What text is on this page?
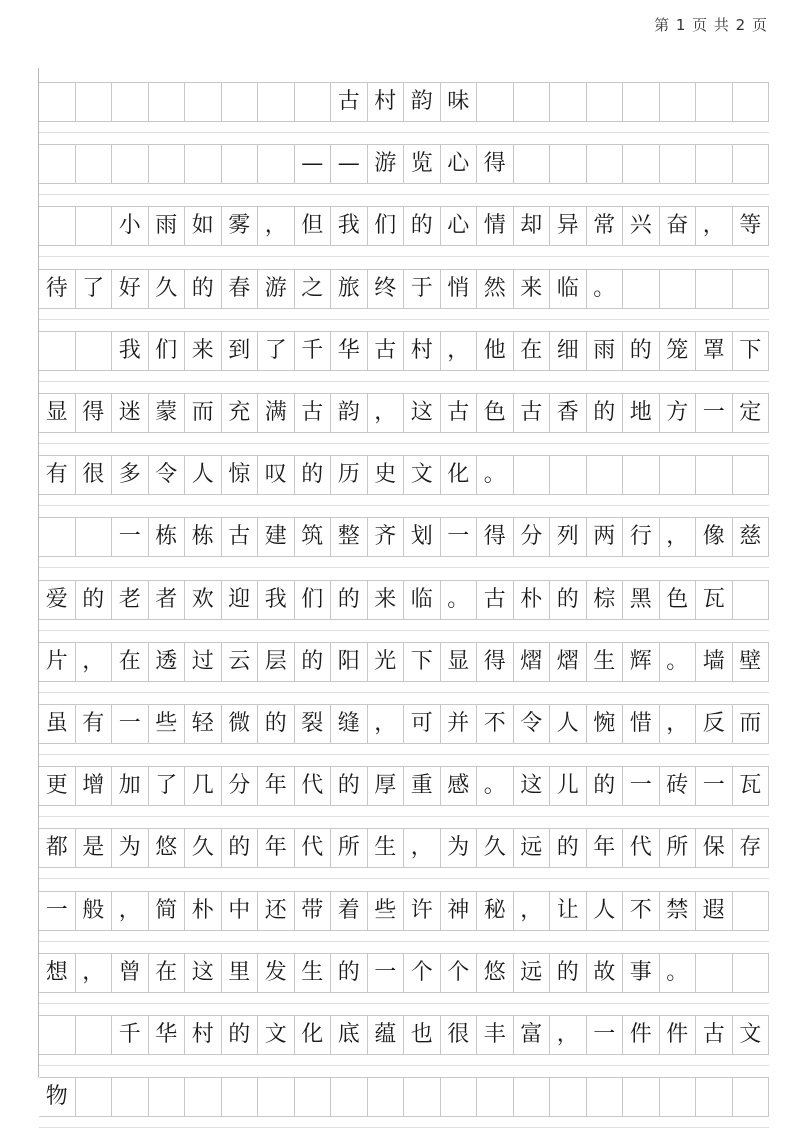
第 1 页 共 2 页
古 村 韵 味
— — 游 览 心 得
小 雨 如 雾 ， 但 我 们 的 心 情 却 异 常 兴 奋 ， 等
待 了 好 久 的 春 游 之 旅 终 于 悄 然 来 临 。
我 们 来 到 了 千 华 古 村 ， 他 在 细 雨 的 笼 罩 下
显 得 迷 蒙 而 充 满 古 韵 ， 这 古 色 古 香 的 地 方 一 定
有 很 多 令 人 惊 叹 的 历 史 文 化 。
一 栋 栋 古 建 筑 整 齐 划 一 得 分 列 两 行 ， 像 慈
爱 的 老 者 欢 迎 我 们 的 来 临 。 古 朴 的 棕 黑 色 瓦
片 ， 在 透 过 云 层 的 阳 光 下 显 得 熠 熠 生 辉 。 墙 壁
虽 有 一 些 轻 微 的 裂 缝 ， 可 并 不 令 人 惋 惜 ， 反 而
更 增 加 了 几 分 年 代 的 厚 重 感 。 这 儿 的 一 砖 一 瓦
都 是 为 悠 久 的 年 代 所 生 ， 为 久 远 的 年 代 所 保 存
一 般 ， 简 朴 中 还 带 着 些 许 神 秘 ， 让 人 不 禁 遐
想 ， 曾 在 这 里 发 生 的 一 个 个 悠 远 的 故 事 。
千 华 村 的 文 化 底 蕴 也 很 丰 富 ， 一 件 件 古 文
物
